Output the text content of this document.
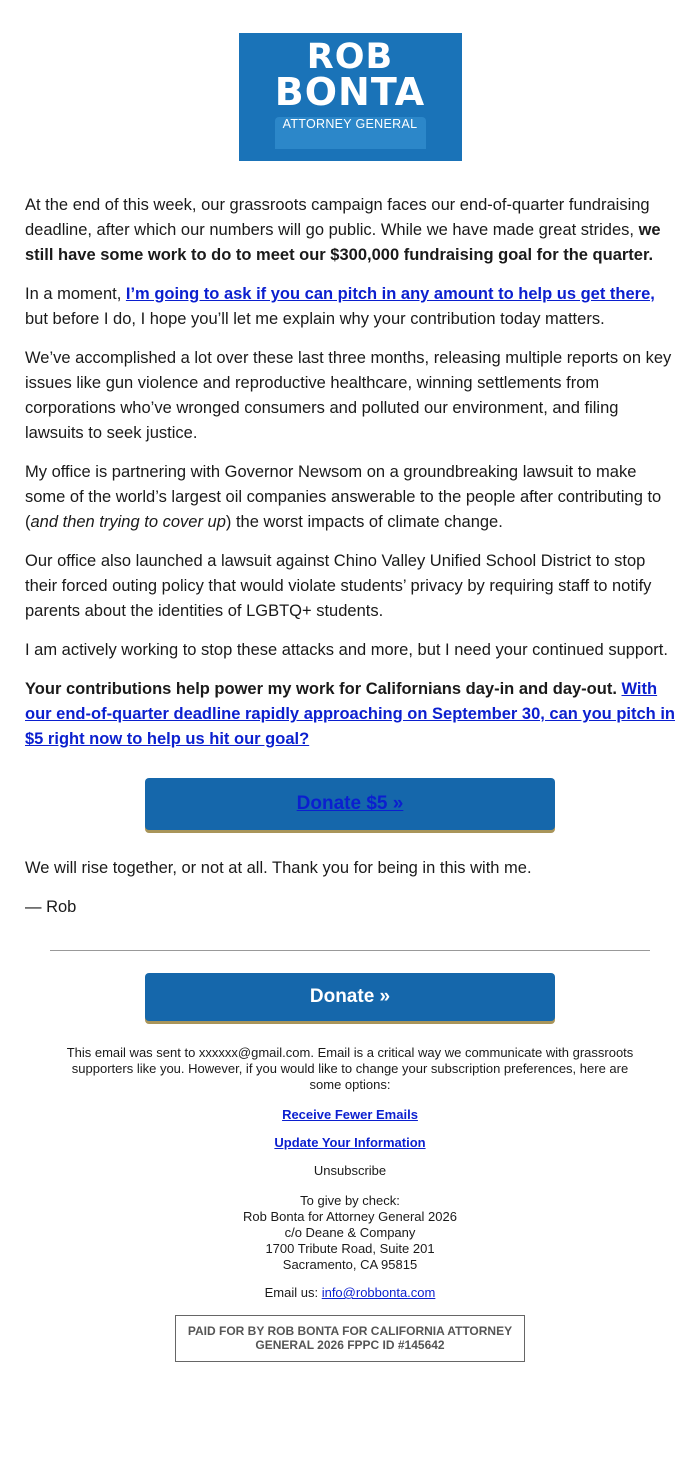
ROB
BONTA
ATTORNEY GENERAL

At the end of this week, our grassroots campaign faces our end-of-quarter fundraising deadline, after which our numbers will go public. While we have made great strides, we still have some work to do to meet our $300,000 fundraising goal for the quarter.

In a moment, I’m going to ask if you can pitch in any amount to help us get there, but before I do, I hope you’ll let me explain why your contribution today matters.

We’ve accomplished a lot over these last three months, releasing multiple reports on key issues like gun violence and reproductive healthcare, winning settlements from corporations who’ve wronged consumers and polluted our environment, and filing lawsuits to seek justice.

My office is partnering with Governor Newsom on a groundbreaking lawsuit to make some of the world’s largest oil companies answerable to the people after contributing to (and then trying to cover up) the worst impacts of climate change.

Our office also launched a lawsuit against Chino Valley Unified School District to stop their forced outing policy that would violate students’ privacy by requiring staff to notify parents about the identities of LGBTQ+ students.

I am actively working to stop these attacks and more, but I need your continued support.

Your contributions help power my work for Californians day-in and day-out. With our end-of-quarter deadline rapidly approaching on September 30, can you pitch in $5 right now to help us hit our goal?

Donate $5 »

We will rise together, or not at all. Thank you for being in this with me.

— Rob

Donate »

This email was sent to xxxxxx@gmail.com. Email is a critical way we communicate with grassroots supporters like you. However, if you would like to change your subscription preferences, here are some options:

Receive Fewer Emails

Update Your Information

Unsubscribe

To give by check:
Rob Bonta for Attorney General 2026
c/o Deane & Company
1700 Tribute Road, Suite 201
Sacramento, CA 95815

Email us: info@robbonta.com

PAID FOR BY ROB BONTA FOR CALIFORNIA ATTORNEY GENERAL 2026 FPPC ID #145642
